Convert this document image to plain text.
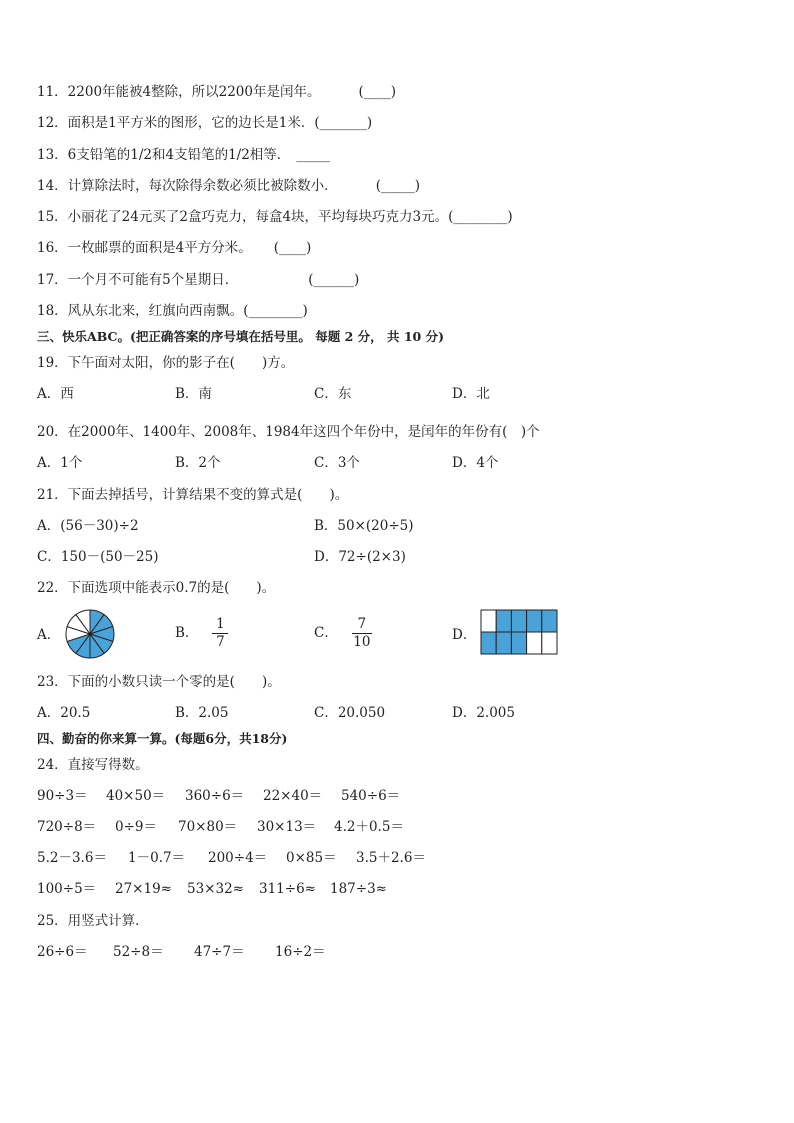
11．2200年能被4整除，所以2200年是闰年。	(____)
12．面积是1平方米的图形，它的边长是1米．(_______)
13．6支铅笔的1/2和4支铅笔的1/2相等． _____
14．计算除法时，每次除得余数必须比被除数小．	(_____)
15．小丽花了24元买了2盒巧克力，每盒4块，平均每块巧克力3元。(________)
16．一枚邮票的面积是4平方分米。 (____)
17．一个月不可能有5个星期日．	(______)
18．风从东北来，红旗向西南飘。(________)
三、快乐ABC。(把正确答案的序号填在括号里。 每题 2 分， 共 10 分)
19．下午面对太阳，你的影子在(　　)方。
A．西	B．南	C．东	D．北
20．在2000年、1400年、2008年、1984年这四个年份中，是闰年的年份有(　)个
A．1个	B．2个	C．3个	D．4个
21．下面去掉括号，计算结果不变的算式是(　　)。
A．(56－30)÷2	B．50×(20÷5)
C．150－(50－25)	D．72÷(2×3)
22．下面选项中能表示0.7的是(　　)。
A．	B． $\frac{1}{7}$	C． $\frac{7}{10}$	D．
23．下面的小数只读一个零的是(　　)。
A．20.5	B．2.05	C．20.050	D．2.005
四、勤奋的你来算一算。(每题6分，共18分)
24．直接写得数。
90÷3＝ 40×50＝ 360÷6＝ 22×40＝ 540÷6＝
720÷8＝ 0÷9＝ 70×80＝ 30×13＝ 4.2＋0.5＝
5.2－3.6＝ 1－0.7＝ 200÷4＝ 0×85＝ 3.5＋2.6＝
100÷5＝ 27×19≈ 53×32≈ 311÷6≈ 187÷3≈
25．用竖式计算．
26÷6＝ 52÷8＝ 47÷7＝ 16÷2＝
